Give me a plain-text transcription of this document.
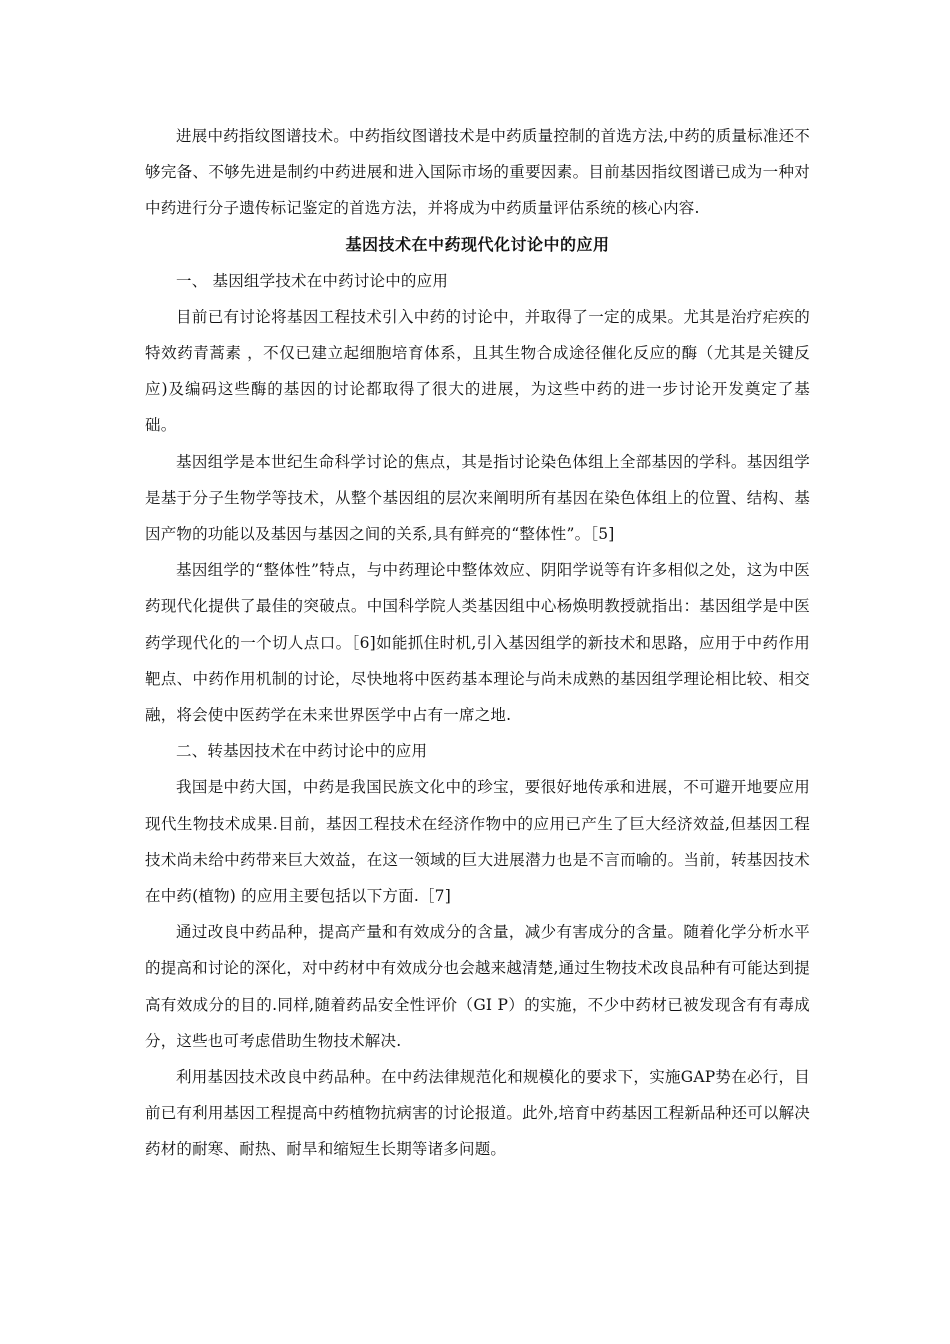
进展中药指纹图谱技术。中药指纹图谱技术是中药质量控制的首选方法,中药的质量标准还不够完备、不够先进是制约中药进展和进入国际市场的重要因素。目前基因指纹图谱已成为一种对中药进行分子遗传标记鉴定的首选方法，并将成为中药质量评估系统的核心内容.

基因技术在中药现代化讨论中的应用

一、 基因组学技术在中药讨论中的应用

目前已有讨论将基因工程技术引入中药的讨论中，并取得了一定的成果。尤其是治疗疟疾的特效药青蒿素 ，不仅已建立起细胞培育体系，且其生物合成途径催化反应的酶（尤其是关键反应)及编码这些酶的基因的讨论都取得了很大的进展，为这些中药的进一步讨论开发奠定了基础。

基因组学是本世纪生命科学讨论的焦点，其是指讨论染色体组上全部基因的学科。基因组学是基于分子生物学等技术，从整个基因组的层次来阐明所有基因在染色体组上的位置、结构、基因产物的功能以及基因与基因之间的关系,具有鲜亮的“整体性”。［5]

基因组学的“整体性”特点，与中药理论中整体效应、阴阳学说等有许多相似之处，这为中医药现代化提供了最佳的突破点。中国科学院人类基因组中心杨焕明教授就指出：基因组学是中医药学现代化的一个切人点口。［6]如能抓住时机,引入基因组学的新技术和思路，应用于中药作用靶点、中药作用机制的讨论，尽快地将中医药基本理论与尚未成熟的基因组学理论相比较、相交融，将会使中医药学在未来世界医学中占有一席之地.

二、转基因技术在中药讨论中的应用

我国是中药大国，中药是我国民族文化中的珍宝，要很好地传承和进展，不可避开地要应用现代生物技术成果.目前，基因工程技术在经济作物中的应用已产生了巨大经济效益,但基因工程技术尚未给中药带来巨大效益，在这一领域的巨大进展潜力也是不言而喻的。当前，转基因技术在中药(植物) 的应用主要包括以下方面.［7]

通过改良中药品种，提高产量和有效成分的含量，减少有害成分的含量。随着化学分析水平的提高和讨论的深化，对中药材中有效成分也会越来越清楚,通过生物技术改良品种有可能达到提高有效成分的目的.同样,随着药品安全性评价（GI P）的实施，不少中药材已被发现含有有毒成分，这些也可考虑借助生物技术解决.

利用基因技术改良中药品种。在中药法律规范化和规模化的要求下，实施GAP势在必行，目前已有利用基因工程提高中药植物抗病害的讨论报道。此外,培育中药基因工程新品种还可以解决药材的耐寒、耐热、耐旱和缩短生长期等诸多问题。
